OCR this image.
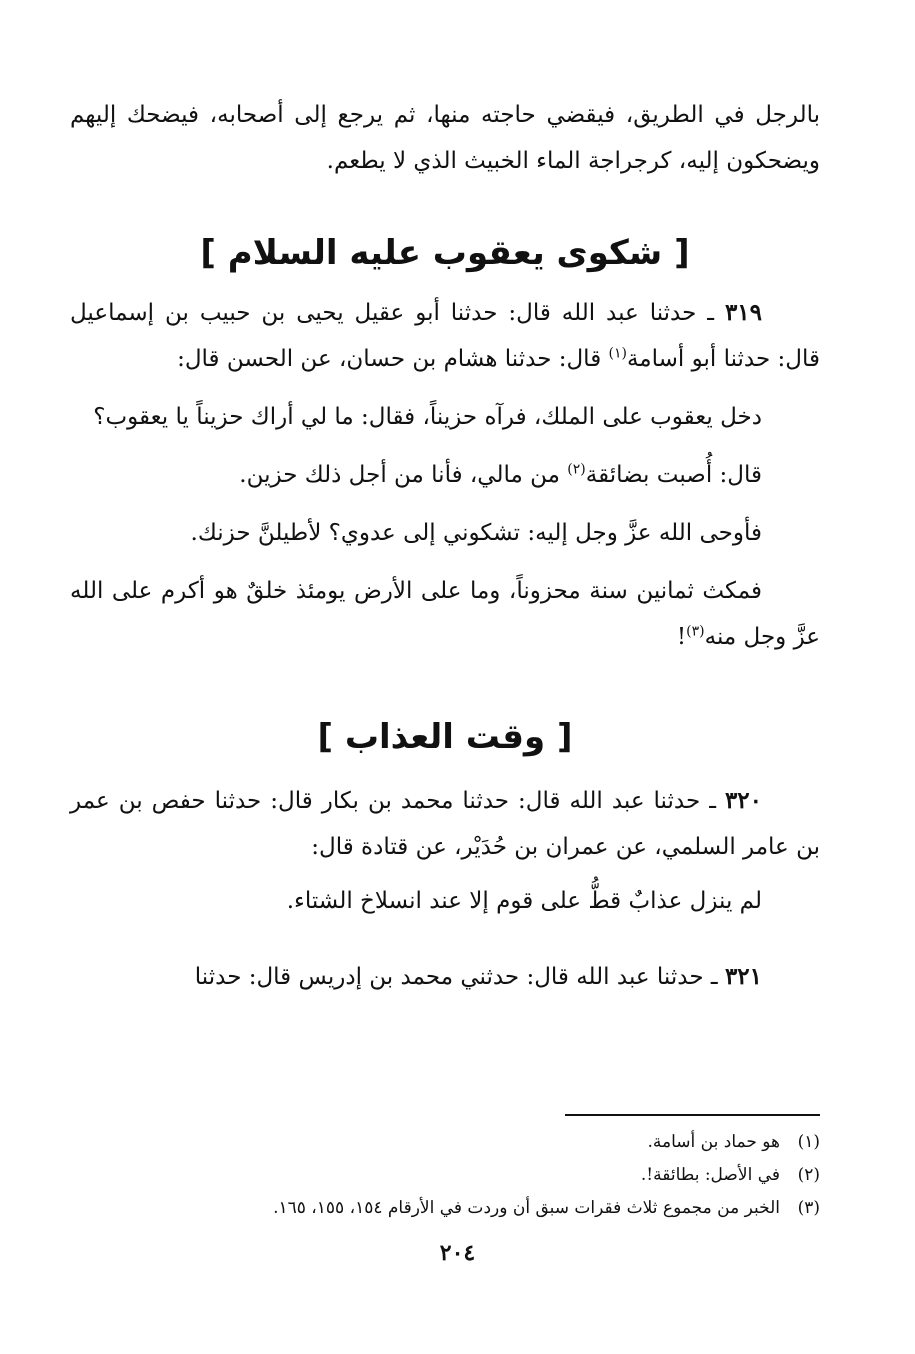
بالرجل في الطريق، فيقضي حاجته منها، ثم يرجع إلى أصحابه، فيضحك إليهم ويضحكون إليه، كرجراجة الماء الخبيث الذي لا يطعم.

[ شكوى يعقوب عليه السلام ]

٣١٩ ـ حدثنا عبد الله قال: حدثنا أبو عقيل يحيى بن حبيب بن إسماعيل قال: حدثنا أبو أسامة$^{(١)}$ قال: حدثنا هشام بن حسان، عن الحسن قال:

دخل يعقوب على الملك، فرآه حزيناً، فقال: ما لي أراك حزيناً يا يعقوب؟

قال: أُصبت بضائقة$^{(٢)}$ من مالي، فأنا من أجل ذلك حزين.

فأوحى الله عزَّ وجل إليه: تشكوني إلى عدوي؟ لأطيلنَّ حزنك.

فمكث ثمانين سنة محزوناً، وما على الأرض يومئذ خلقٌ هو أكرم على الله عزَّ وجل منه$^{(٣)}$!

[ وقت العذاب ]

٣٢٠ ـ حدثنا عبد الله قال: حدثنا محمد بن بكار قال: حدثنا حفص بن عمر بن عامر السلمي، عن عمران بن حُدَيْر، عن قتادة قال:

لم ينزل عذابٌ قطُّ على قوم إلا عند انسلاخ الشتاء.

٣٢١ ـ حدثنا عبد الله قال: حدثني محمد بن إدريس قال: حدثنا

(١)هو حماد بن أسامة.

(٢)في الأصل: بطائقة!.

(٣)الخبر من مجموع ثلاث فقرات سبق أن وردت في الأرقام ١٥٤، ١٥٥، ١٦٥.

٢٠٤
